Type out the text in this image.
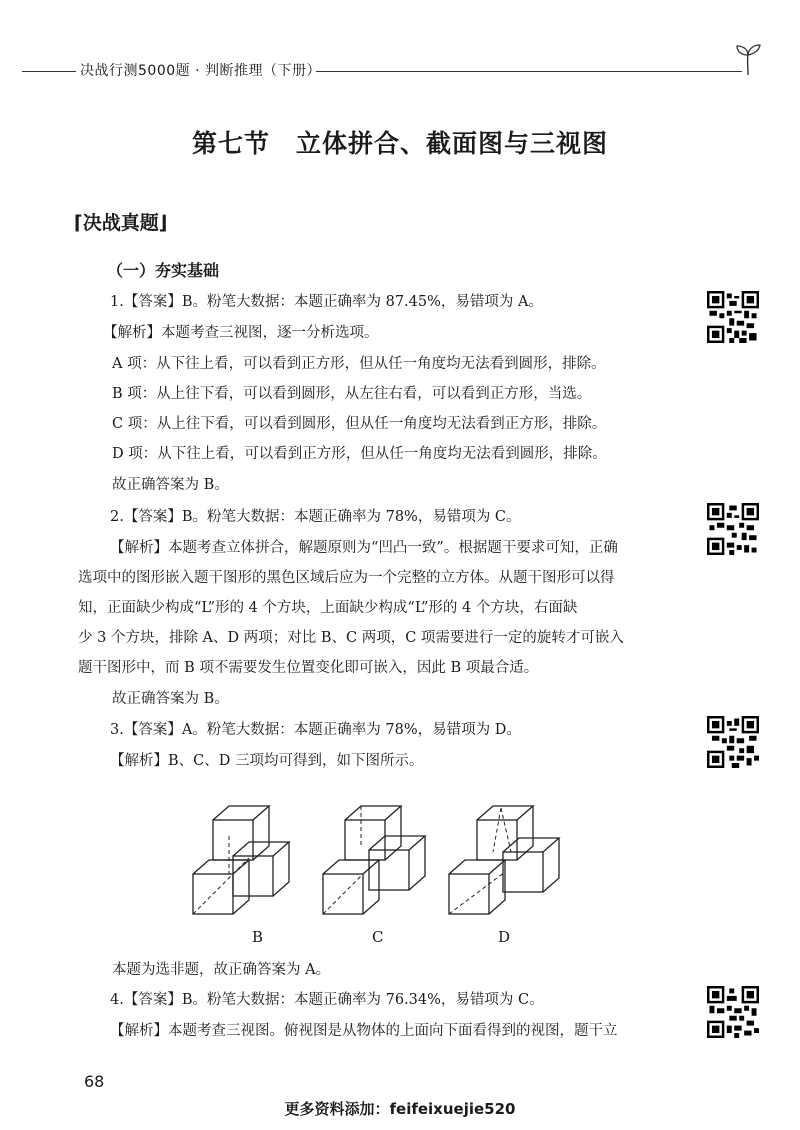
决战行测5000题 · 判断推理（下册）
第七节　立体拼合、截面图与三视图
⌈决战真题⌋
（一）夯实基础
1.【答案】B。粉笔大数据：本题正确率为 87.45%，易错项为 A。
【解析】本题考查三视图，逐一分析选项。
A 项：从下往上看，可以看到正方形，但从任一角度均无法看到圆形，排除。
B 项：从上往下看，可以看到圆形，从左往右看，可以看到正方形，当选。
C 项：从上往下看，可以看到圆形，但从任一角度均无法看到正方形，排除。
D 项：从下往上看，可以看到正方形，但从任一角度均无法看到圆形，排除。
故正确答案为 B。
2.【答案】B。粉笔大数据：本题正确率为 78%，易错项为 C。
【解析】本题考查立体拼合，解题原则为“凹凸一致”。根据题干要求可知，正确
选项中的图形嵌入题干图形的黑色区域后应为一个完整的立方体。从题干图形可以得
知，正面缺少构成“L”形的 4 个方块，上面缺少构成“L”形的 4 个方块，右面缺
少 3 个方块，排除 A、D 两项；对比 B、C 两项，C 项需要进行一定的旋转才可嵌入
题干图形中，而 B 项不需要发生位置变化即可嵌入，因此 B 项最合适。
故正确答案为 B。
3.【答案】A。粉笔大数据：本题正确率为 78%，易错项为 D。
【解析】B、C、D 三项均可得到，如下图所示。
B	C	D
本题为选非题，故正确答案为 A。
4.【答案】B。粉笔大数据：本题正确率为 76.34%，易错项为 C。
【解析】本题考查三视图。俯视图是从物体的上面向下面看得到的视图，题干立
68
更多资料添加：feifeixuejie520
